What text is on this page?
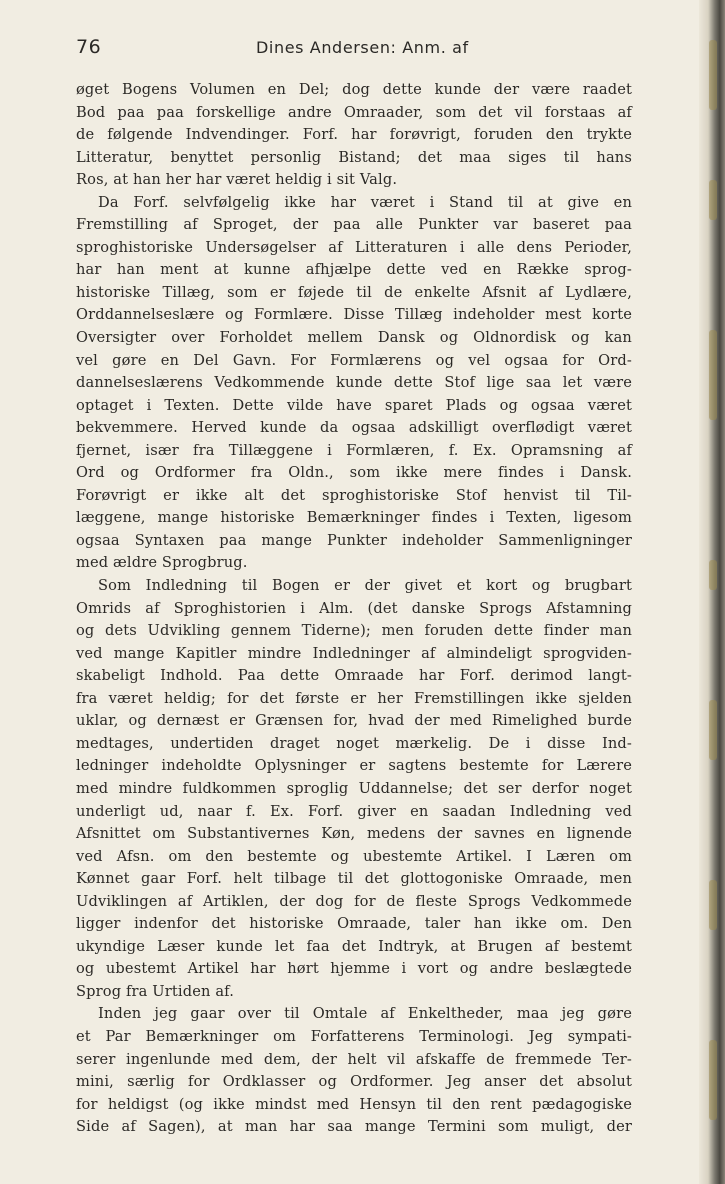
76	Dines Andersen: Anm. af
øget Bogens Volumen en Del; dog dette kunde der være raadet
Bod paa paa forskellige andre Omraader, som det vil forstaas af
de følgende Indvendinger. Forf. har forøvrigt, foruden den trykte
Litteratur, benyttet personlig Bistand; det maa siges til hans
Ros, at han her har været heldig i sit Valg.
Da Forf. selvfølgelig ikke har været i Stand til at give en
Fremstilling af Sproget, der paa alle Punkter var baseret paa
sproghistoriske Undersøgelser af Litteraturen i alle dens Perioder,
har han ment at kunne afhjælpe dette ved en Række sprog-
historiske Tillæg, som er føjede til de enkelte Afsnit af Lydlære,
Orddannelseslære og Formlære. Disse Tillæg indeholder mest korte
Oversigter over Forholdet mellem Dansk og Oldnordisk og kan
vel gøre en Del Gavn. For Formlærens og vel ogsaa for Ord-
dannelseslærens Vedkommende kunde dette Stof lige saa let være
optaget i Texten. Dette vilde have sparet Plads og ogsaa været
bekvemmere. Herved kunde da ogsaa adskilligt overflødigt været
fjernet, især fra Tillæggene i Formlæren, f. Ex. Opramsning af
Ord og Ordformer fra Oldn., som ikke mere findes i Dansk.
Forøvrigt er ikke alt det sproghistoriske Stof henvist til Til-
læggene, mange historiske Bemærkninger findes i Texten, ligesom
ogsaa Syntaxen paa mange Punkter indeholder Sammenligninger
med ældre Sprogbrug.
Som Indledning til Bogen er der givet et kort og brugbart
Omrids af Sproghistorien i Alm. (det danske Sprogs Afstamning
og dets Udvikling gennem Tiderne); men foruden dette finder man
ved mange Kapitler mindre Indledninger af almindeligt sprogviden-
skabeligt Indhold. Paa dette Omraade har Forf. derimod langt-
fra været heldig; for det første er her Fremstillingen ikke sjelden
uklar, og dernæst er Grænsen for, hvad der med Rimelighed burde
medtages, undertiden draget noget mærkelig. De i disse Ind-
ledninger indeholdte Oplysninger er sagtens bestemte for Lærere
med mindre fuldkommen sproglig Uddannelse; det ser derfor noget
underligt ud, naar f. Ex. Forf. giver en saadan Indledning ved
Afsnittet om Substantivernes Køn, medens der savnes en lignende
ved Afsn. om den bestemte og ubestemte Artikel. I Læren om
Kønnet gaar Forf. helt tilbage til det glottogoniske Omraade, men
Udviklingen af Artiklen, der dog for de fleste Sprogs Vedkommede
ligger indenfor det historiske Omraade, taler han ikke om. Den
ukyndige Læser kunde let faa det Indtryk, at Brugen af bestemt
og ubestemt Artikel har hørt hjemme i vort og andre beslægtede
Sprog fra Urtiden af.
Inden jeg gaar over til Omtale af Enkeltheder, maa jeg gøre
et Par Bemærkninger om Forfatterens Terminologi. Jeg sympati-
serer ingenlunde med dem, der helt vil afskaffe de fremmede Ter-
mini, særlig for Ordklasser og Ordformer. Jeg anser det absolut
for heldigst (og ikke mindst med Hensyn til den rent pædagogiske
Side af Sagen), at man har saa mange Termini som muligt, der
